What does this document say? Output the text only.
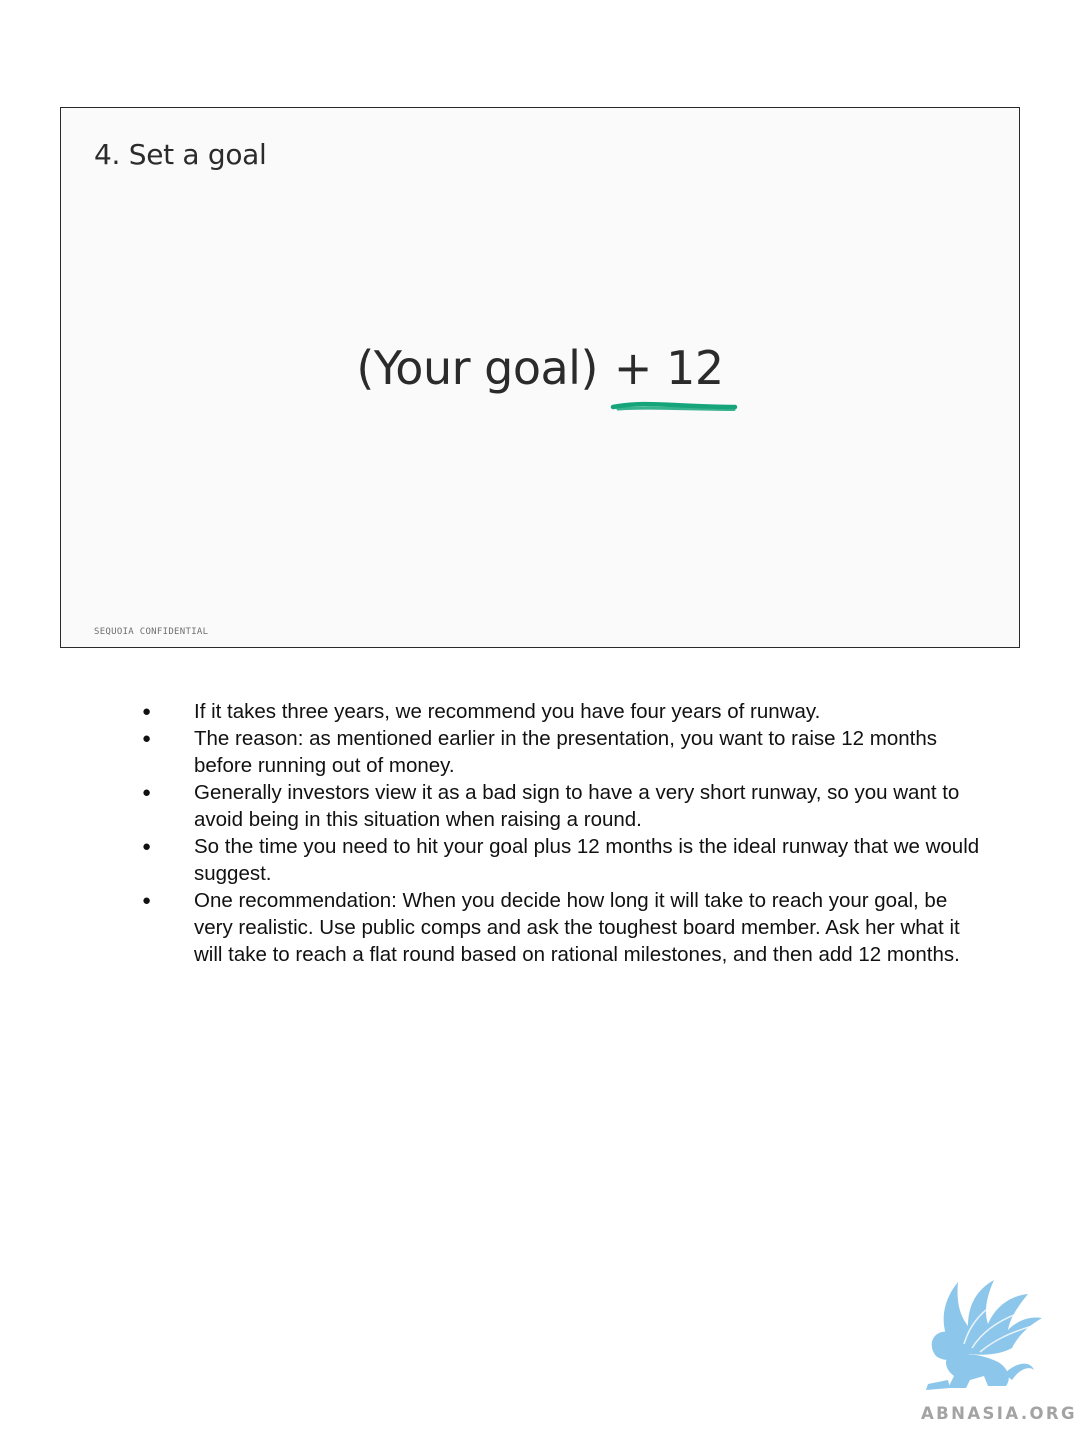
4. Set a goal
(Your goal) + 12
SEQUOIA CONFIDENTIAL
● If it takes three years, we recommend you have four years of runway.
● The reason: as mentioned earlier in the presentation, you want to raise 12 months before running out of money.
● Generally investors view it as a bad sign to have a very short runway, so you want to avoid being in this situation when raising a round.
● So the time you need to hit your goal plus 12 months is the ideal runway that we would suggest.
● One recommendation: When you decide how long it will take to reach your goal, be very realistic. Use public comps and ask the toughest board member. Ask her what it will take to reach a flat round based on rational milestones, and then add 12 months.
ABNASIA.ORG
